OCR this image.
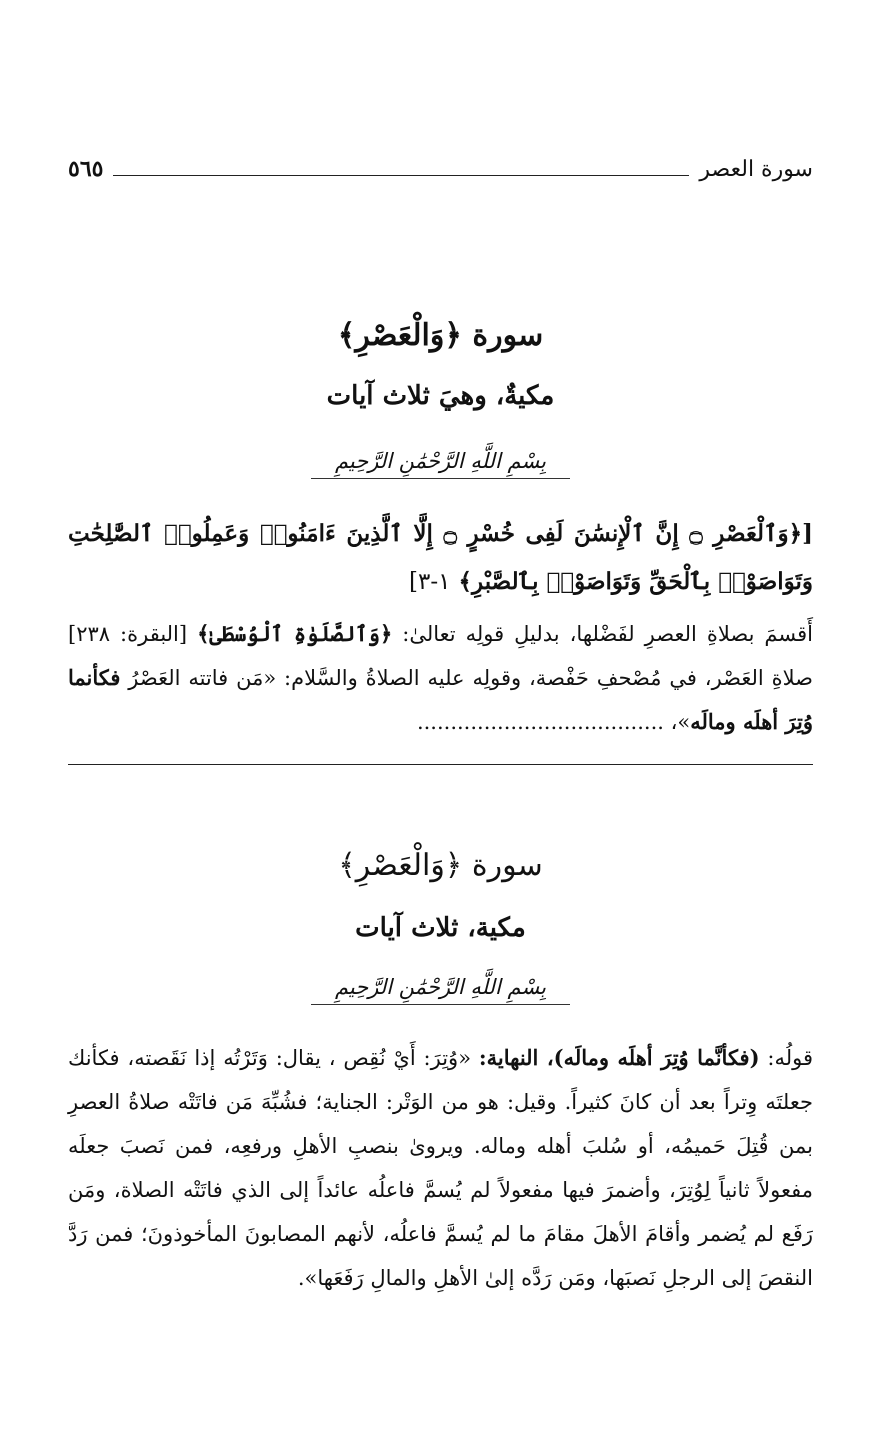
سورة العصر
٥٦٥
سورة ﴿وَالْعَصْرِ﴾
مكيةٌ، وهيَ ثلاث آيات
بِسْمِ اللَّهِ الرَّحْمَٰنِ الرَّحِيمِ
[﴿وَٱلْعَصْرِ ۝ إِنَّ ٱلْإِنسَٰنَ لَفِى خُسْرٍ ۝ إِلَّا ٱلَّذِينَ ءَامَنُوا۟ وَعَمِلُوا۟ ٱلصَّٰلِحَٰتِ وَتَوَاصَوْا۟ بِٱلْحَقِّ وَتَوَاصَوْا۟ بِٱلصَّبْرِ﴾ ١-٣]
أَقسمَ بصلاةِ العصرِ لفَضْلها، بدليلِ قولِه تعالىٰ: ﴿وَٱلصَّلَوٰةِ ٱلْوُسْطَىٰ﴾ [البقرة: ٢٣٨] صلاةِ العَصْر، في مُصْحفِ حَفْصة، وقولِه عليه الصلاةُ والسَّلام: «مَن فاتته العَصْرُ فكأنما وُتِرَ أهلَه ومالَه»، .....................................
سورة ﴿وَالْعَصْرِ﴾
مكية، ثلاث آيات
بِسْمِ اللَّهِ الرَّحْمَٰنِ الرَّحِيمِ
قولُه: (فكأنَّما وُتِرَ أهلَه ومالَه)، النهاية: «وُتِرَ: أَيْ نُقِص ، يقال: وَتَرْتُه إذا نَقَصته، فكأنك جعلتَه وِتراً بعد أن كانَ كثيراً. وقيل: هو من الوَتْر: الجناية؛ فشُبِّهَ مَن فاتَتْه صلاةُ العصرِ بمن قُتِلَ حَميمُه، أو سُلبَ أهله وماله. ويروىٰ بنصبِ الأهلِ ورفعِه، فمن نَصبَ جعلَه مفعولاً ثانياً لِوُتِرَ، وأضمرَ فيها مفعولاً لم يُسمَّ فاعلُه عائداً إلى الذي فاتَتْه الصلاة، ومَن رَفَع لم يُضمر وأقامَ الأهلَ مقامَ ما لم يُسمَّ فاعلُه، لأنهم المصابونَ المأخوذونَ؛ فمن رَدَّ النقصَ إلى الرجلِ نَصبَها، ومَن رَدَّه إلىٰ الأهلِ والمالِ رَفَعَها».
